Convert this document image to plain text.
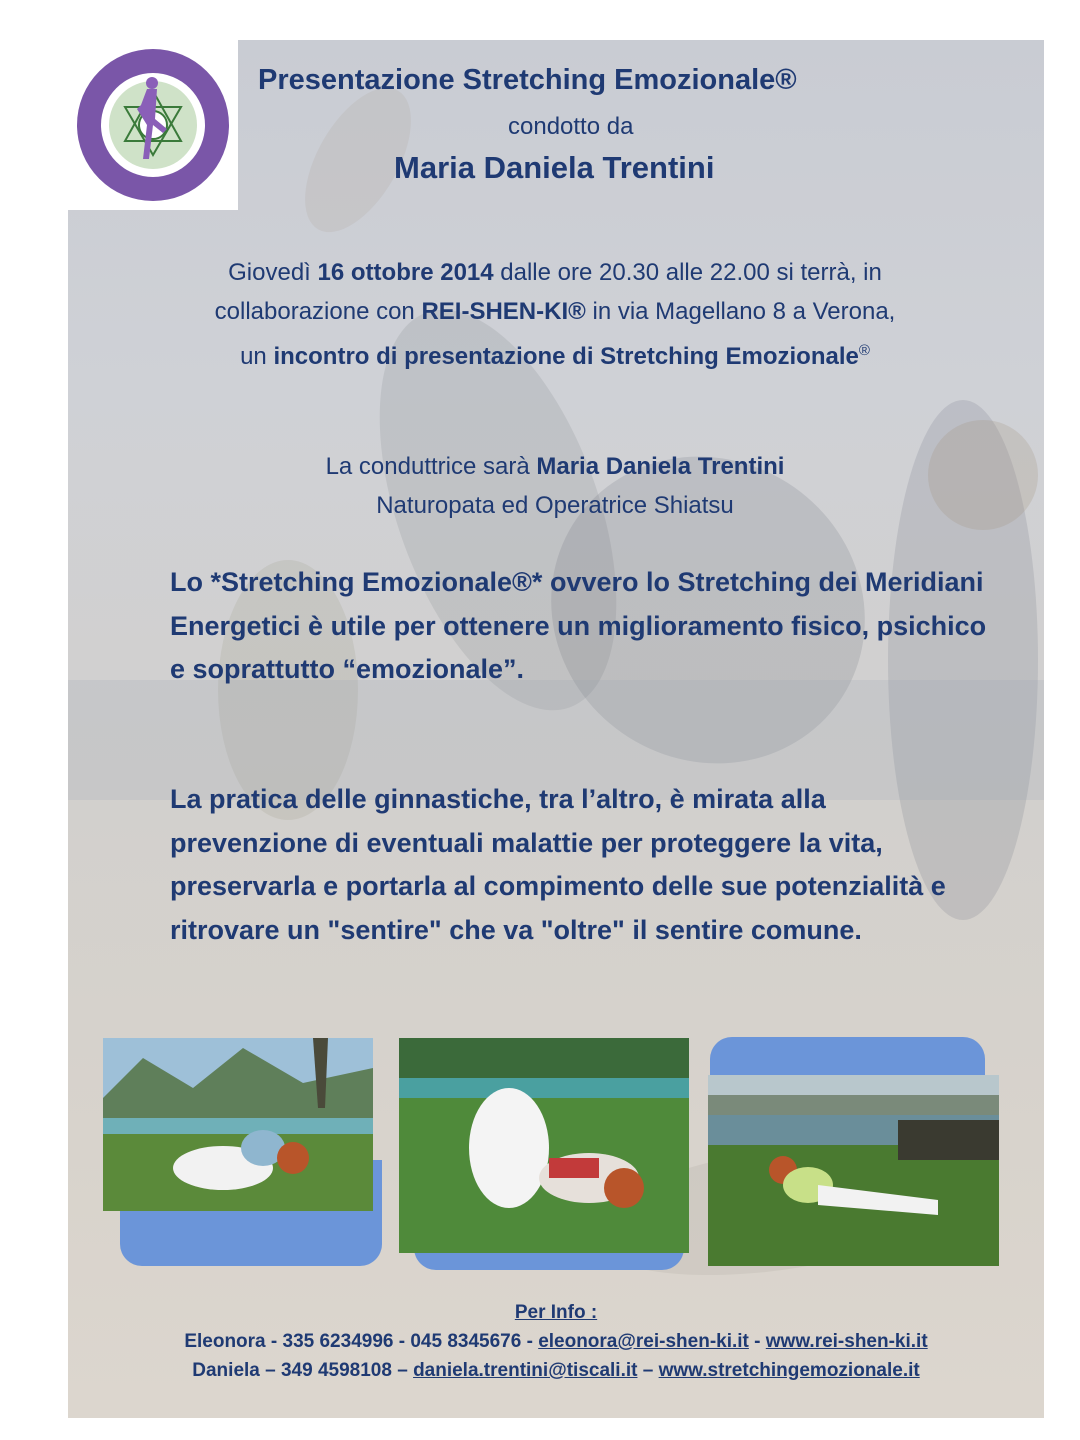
Presentazione Stretching Emozionale®
condotto da
Maria Daniela Trentini
Giovedì 16 ottobre 2014 dalle ore 20.30 alle 22.00 si terrà, in collaborazione con REI-SHEN-KI® in via Magellano 8 a Verona, un incontro di presentazione di Stretching Emozionale®
La conduttrice sarà Maria Daniela Trentini
Naturopata ed Operatrice Shiatsu
Lo *Stretching Emozionale®* ovvero lo Stretching dei Meridiani Energetici è utile per ottenere un miglioramento fisico, psichico e soprattutto “emozionale”.
La pratica delle ginnastiche, tra l’altro, è mirata alla prevenzione di eventuali malattie per proteggere la vita, preservarla e portarla al compimento delle sue potenzialità e ritrovare un "sentire" che va "oltre" il sentire comune.
Per Info :
Eleonora - 335 6234996 - 045 8345676 - eleonora@rei-shen-ki.it - www.rei-shen-ki.it
Daniela – 349 4598108 – daniela.trentini@tiscali.it – www.stretchingemozionale.it
